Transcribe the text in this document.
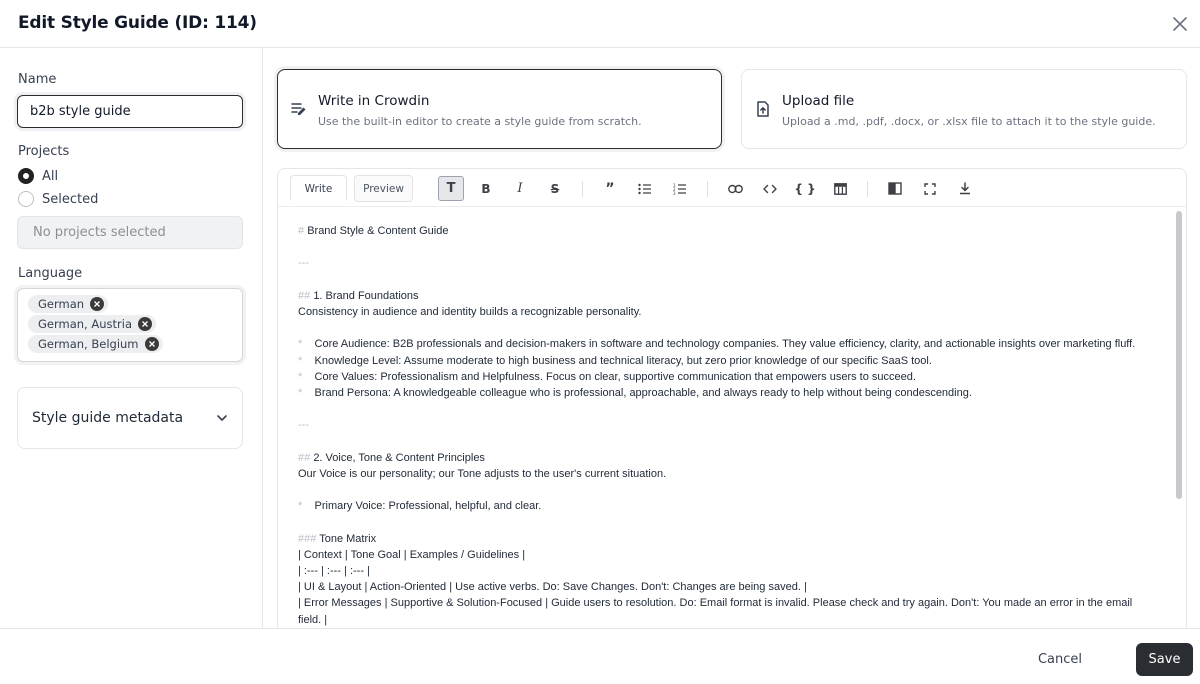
Edit Style Guide (ID: 114)
Name
b2b style guide
Projects
All
Selected
No projects selected
Language
German
German, Austria
German, Belgium
Style guide metadata
Write in Crowdin
Use the built-in editor to create a style guide from scratch.
Upload file
Upload a .md, .pdf, .docx, or .xlsx file to attach it to the style guide.
Write	Preview	T B I S	”	1
2
3	{ }
# Brand Style & Content Guide
---
## 1. Brand Foundations
Consistency in audience and identity builds a recognizable personality.
* Core Audience: B2B professionals and decision-makers in software and technology companies. They value efficiency, clarity, and actionable insights over marketing fluff.
* Knowledge Level: Assume moderate to high business and technical literacy, but zero prior knowledge of our specific SaaS tool.
* Core Values: Professionalism and Helpfulness. Focus on clear, supportive communication that empowers users to succeed.
* Brand Persona: A knowledgeable colleague who is professional, approachable, and always ready to help without being condescending.
---
## 2. Voice, Tone & Content Principles
Our Voice is our personality; our Tone adjusts to the user's current situation.
* Primary Voice: Professional, helpful, and clear.
### Tone Matrix
| Context | Tone Goal | Examples / Guidelines |
| :--- | :--- | :--- |
| UI & Layout | Action-Oriented | Use active verbs. Do: Save Changes. Don't: Changes are being saved. |
| Error Messages | Supportive & Solution-Focused | Guide users to resolution. Do: Email format is invalid. Please check and try again. Don't: You made an error in the email field. |
Cancel	Save
